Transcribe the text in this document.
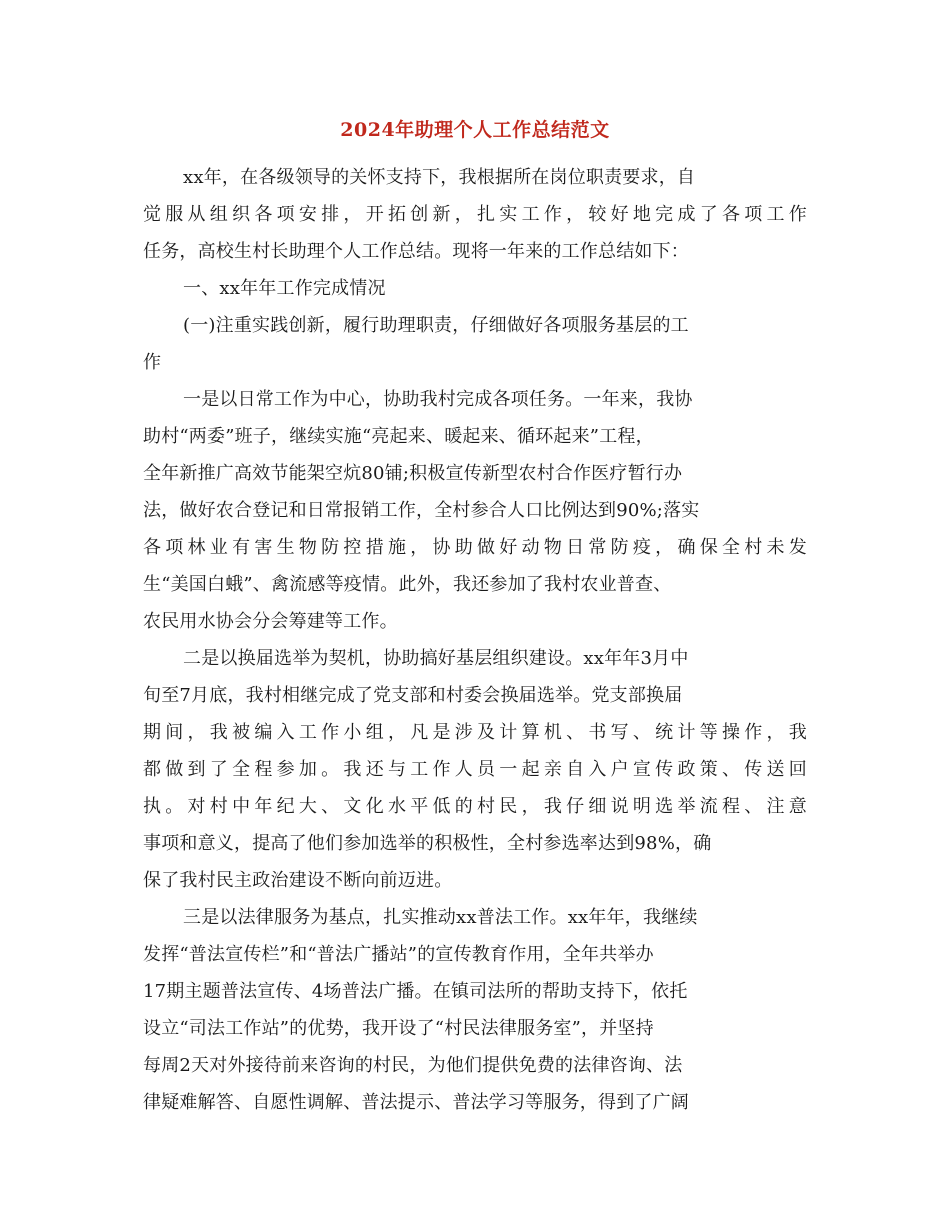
2024年助理个人工作总结范文
xx年，在各级领导的关怀支持下，我根据所在岗位职责要求，自
觉服从组织各项安排，开拓创新，扎实工作，较好地完成了各项工作
任务，高校生村长助理个人工作总结。现将一年来的工作总结如下：
一、xx年年工作完成情况
(一)注重实践创新，履行助理职责，仔细做好各项服务基层的工
作
一是以日常工作为中心，协助我村完成各项任务。一年来，我协
助村“两委”班子，继续实施“亮起来、暖起来、循环起来”工程，
全年新推广高效节能架空炕80铺;积极宣传新型农村合作医疗暂行办
法，做好农合登记和日常报销工作，全村参合人口比例达到90%;落实
各项林业有害生物防控措施，协助做好动物日常防疫，确保全村未发
生“美国白蛾”、禽流感等疫情。此外，我还参加了我村农业普查、
农民用水协会分会筹建等工作。
二是以换届选举为契机，协助搞好基层组织建设。xx年年3月中
旬至7月底，我村相继完成了党支部和村委会换届选举。党支部换届
期间，我被编入工作小组，凡是涉及计算机、书写、统计等操作，我
都做到了全程参加。我还与工作人员一起亲自入户宣传政策、传送回
执。对村中年纪大、文化水平低的村民，我仔细说明选举流程、注意
事项和意义，提高了他们参加选举的积极性，全村参选率达到98%，确
保了我村民主政治建设不断向前迈进。
三是以法律服务为基点，扎实推动xx普法工作。xx年年，我继续
发挥“普法宣传栏”和“普法广播站”的宣传教育作用，全年共举办
17期主题普法宣传、4场普法广播。在镇司法所的帮助支持下，依托
设立“司法工作站”的优势，我开设了“村民法律服务室”，并坚持
每周2天对外接待前来咨询的村民，为他们提供免费的法律咨询、法
律疑难解答、自愿性调解、普法提示、普法学习等服务，得到了广阔
